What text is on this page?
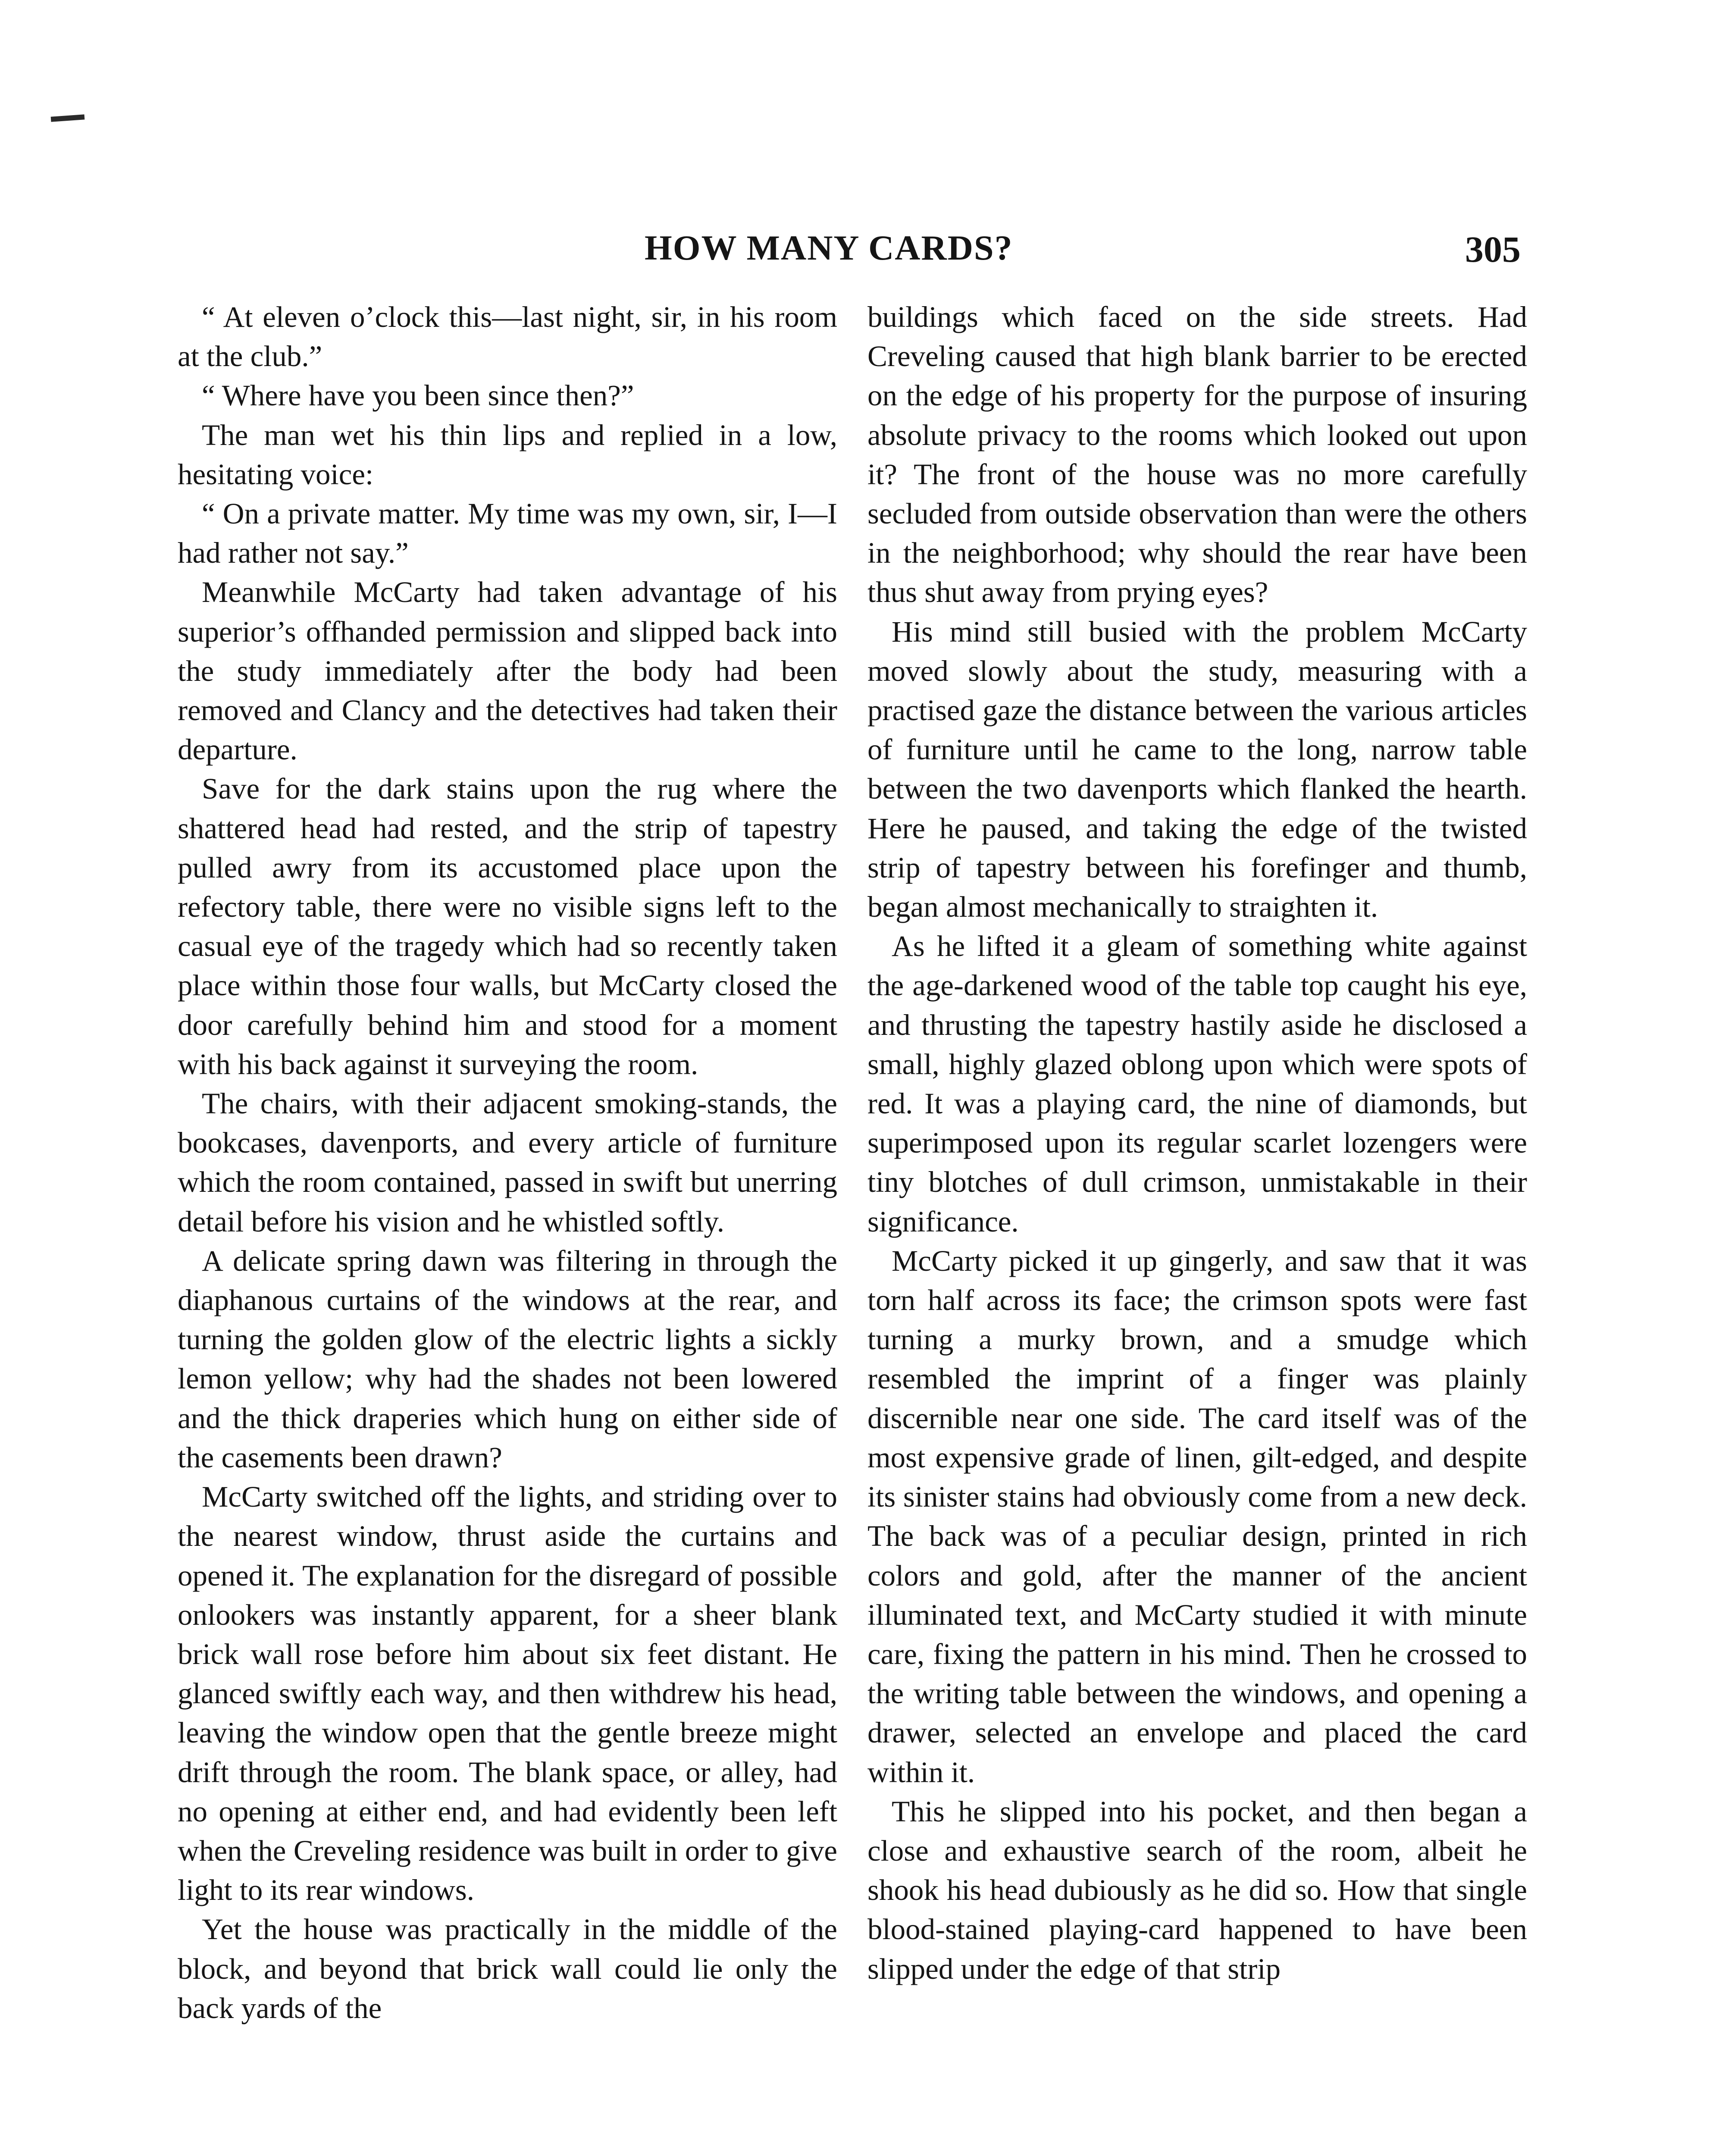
HOW MANY CARDS?	305

“ At eleven o’clock this—last night, sir, in his room at the club.”

“ Where have you been since then?”

The man wet his thin lips and replied in a low, hesitating voice:

“ On a private matter. My time was my own, sir, I—I had rather not say.”

Meanwhile McCarty had taken advantage of his superior’s offhanded permission and slipped back into the study immediately after the body had been removed and Clancy and the detectives had taken their departure.

Save for the dark stains upon the rug where the shattered head had rested, and the strip of tapestry pulled awry from its accustomed place upon the refectory table, there were no visible signs left to the casual eye of the tragedy which had so recently taken place within those four walls, but McCarty closed the door carefully behind him and stood for a moment with his back against it surveying the room.

The chairs, with their adjacent smoking-stands, the bookcases, davenports, and every article of furniture which the room contained, passed in swift but unerring detail before his vision and he whistled softly.

A delicate spring dawn was filtering in through the diaphanous curtains of the windows at the rear, and turning the golden glow of the electric lights a sickly lemon yellow; why had the shades not been lowered and the thick draperies which hung on either side of the casements been drawn?

McCarty switched off the lights, and striding over to the nearest window, thrust aside the curtains and opened it. The explanation for the disregard of possible onlookers was instantly apparent, for a sheer blank brick wall rose before him about six feet distant. He glanced swiftly each way, and then withdrew his head, leaving the window open that the gentle breeze might drift through the room. The blank space, or alley, had no opening at either end, and had evidently been left when the Creveling residence was built in order to give light to its rear windows.

Yet the house was practically in the middle of the block, and beyond that brick wall could lie only the back yards of the

buildings which faced on the side streets. Had Creveling caused that high blank barrier to be erected on the edge of his property for the purpose of insuring absolute privacy to the rooms which looked out upon it? The front of the house was no more carefully secluded from outside observation than were the others in the neighborhood; why should the rear have been thus shut away from prying eyes?

His mind still busied with the problem McCarty moved slowly about the study, measuring with a practised gaze the distance between the various articles of furniture until he came to the long, narrow table between the two davenports which flanked the hearth. Here he paused, and taking the edge of the twisted strip of tapestry between his forefinger and thumb, began almost mechanically to straighten it.

As he lifted it a gleam of something white against the age-darkened wood of the table top caught his eye, and thrusting the tapestry hastily aside he disclosed a small, highly glazed oblong upon which were spots of red. It was a playing card, the nine of diamonds, but superimposed upon its regular scarlet lozengers were tiny blotches of dull crimson, unmistakable in their significance.

McCarty picked it up gingerly, and saw that it was torn half across its face; the crimson spots were fast turning a murky brown, and a smudge which resembled the imprint of a finger was plainly discernible near one side. The card itself was of the most expensive grade of linen, gilt-edged, and despite its sinister stains had obviously come from a new deck. The back was of a peculiar design, printed in rich colors and gold, after the manner of the ancient illuminated text, and McCarty studied it with minute care, fixing the pattern in his mind. Then he crossed to the writing table between the windows, and opening a drawer, selected an envelope and placed the card within it.

This he slipped into his pocket, and then began a close and exhaustive search of the room, albeit he shook his head dubiously as he did so. How that single blood-stained playing-card happened to have been slipped under the edge of that strip
